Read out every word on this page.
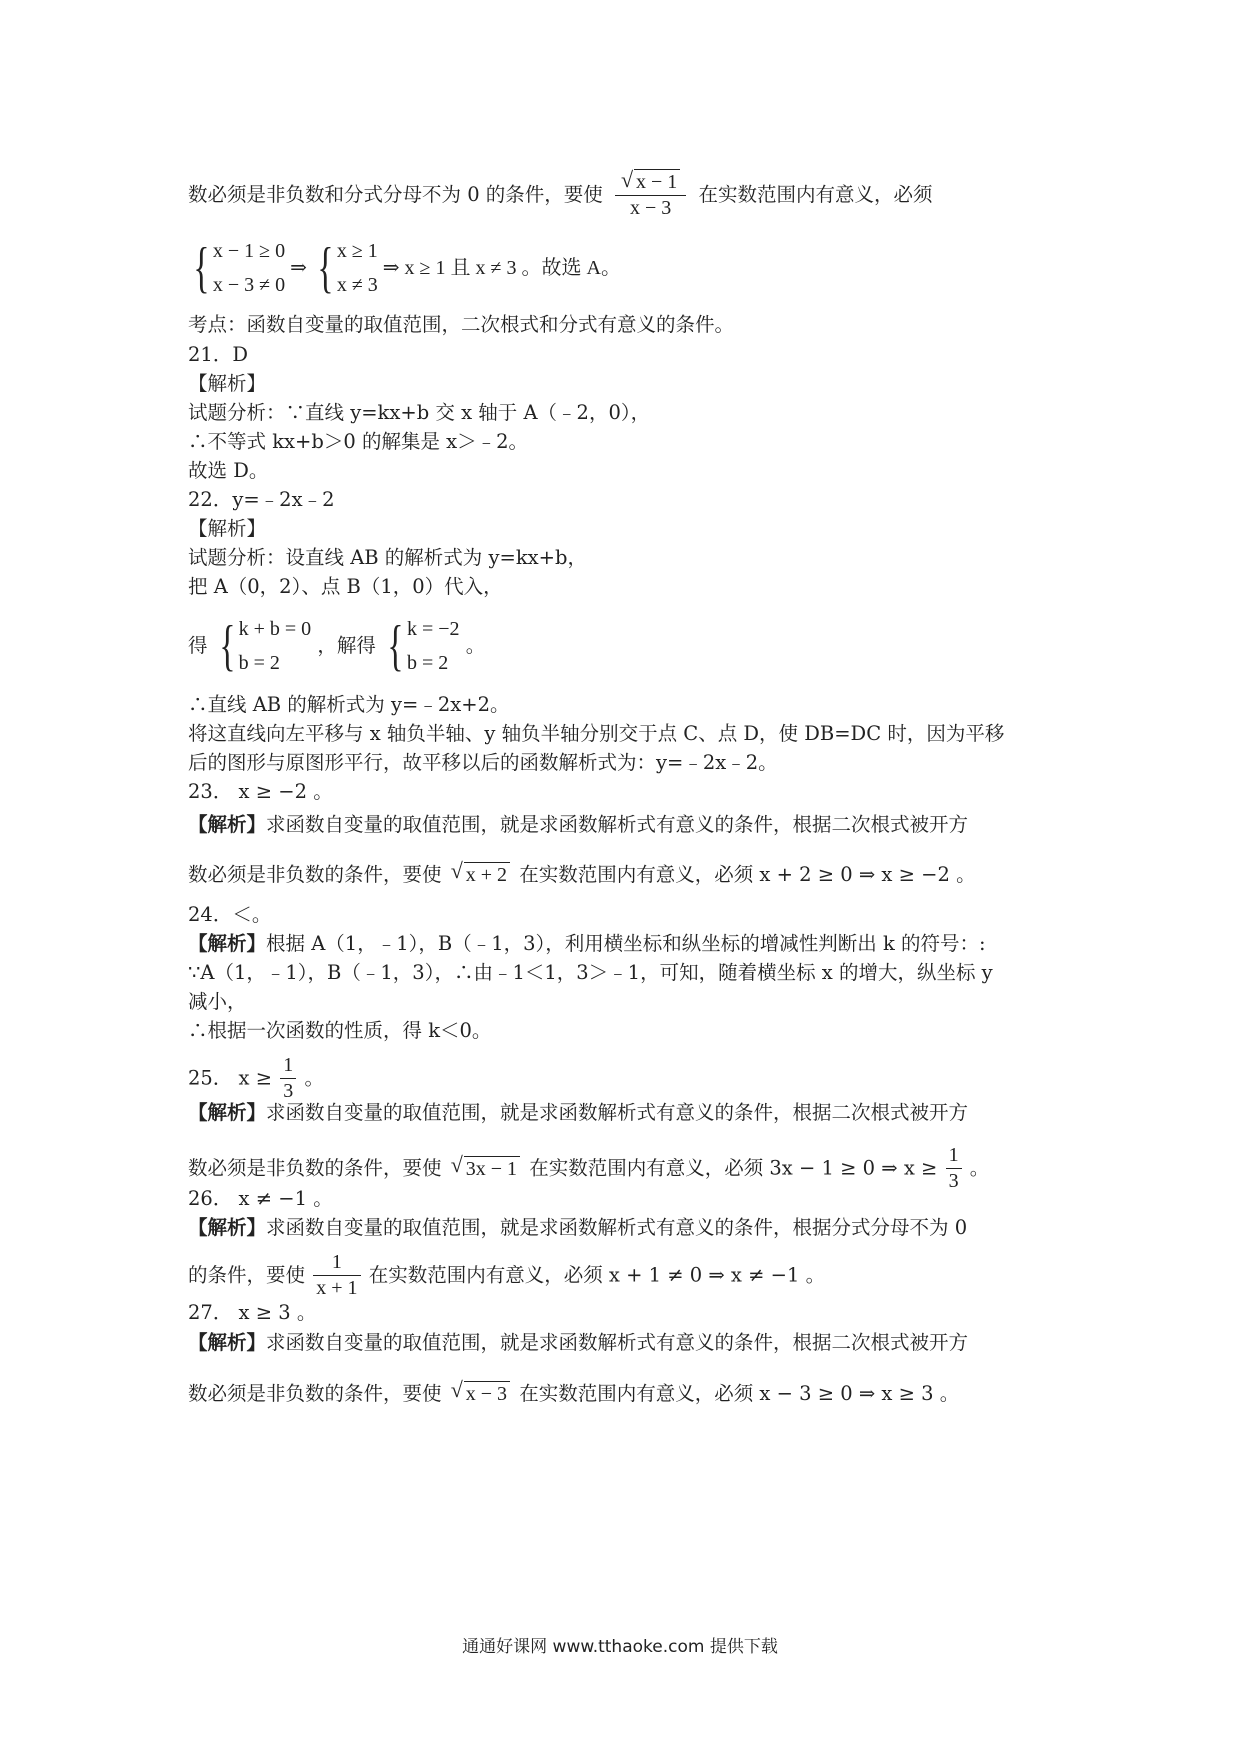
数必须是非负数和分式分母不为 0 的条件，要使 $\frac{√ x - 1}{x - 3}$ 在实数范围内有意义，必须
{ x − 1 ≥ 0
x − 3 ≠ 0
⇒ { x ≥ 1
x ≠ 3
⇒ x ≥ 1 且 x ≠ 3 。故选 A。
考点：函数自变量的取值范围，二次根式和分式有意义的条件。
21．D
【解析】
试题分析：∵直线 y=kx+b 交 x 轴于 A（﹣2，0），
∴不等式 kx+b＞0 的解集是 x＞﹣2。
故选 D。
22．y=﹣2x﹣2
【解析】
试题分析：设直线 AB 的解析式为 y=kx+b，
把 A（0，2）、点 B（1，0）代入，
得 { k + b = 0
b = 2
，解得 { k = −2
b = 2
。
∴直线 AB 的解析式为 y=﹣2x+2。
将这直线向左平移与 x 轴负半轴、y 轴负半轴分别交于点 C、点 D，使 DB=DC 时，因为平移
后的图形与原图形平行，故平移以后的函数解析式为：y=﹣2x﹣2。
23． x ≥ −2 。
【解析】求函数自变量的取值范围，就是求函数解析式有意义的条件，根据二次根式被开方
数必须是非负数的条件，要使 √ x + 2 在实数范围内有意义，必须 x + 2 ≥ 0 ⇒ x ≥ −2 。
24．＜。
【解析】根据 A（1，﹣1），B（﹣1，3），利用横坐标和纵坐标的增减性判断出 k 的符号：:
∵A（1，﹣1），B（﹣1，3），∴由﹣1＜1，3＞﹣1，可知，随着横坐标 x 的增大，纵坐标 y
减小，
∴根据一次函数的性质，得 k＜0。
25． $x \ge \frac{1}{3}$ 。
【解析】求函数自变量的取值范围，就是求函数解析式有意义的条件，根据二次根式被开方
数必须是非负数的条件，要使 √ 3x − 1 在实数范围内有意义，必须 3x − 1 ≥ 0 ⇒ $x \ge \frac{1}{3}$ 。
26． x ≠ −1 。
【解析】求函数自变量的取值范围，就是求函数解析式有意义的条件，根据分式分母不为 0
的条件，要使 $\frac{1}{x + 1}$ 在实数范围内有意义，必须 x + 1 ≠ 0 ⇒ x ≠ −1 。
27． x ≥ 3 。
【解析】求函数自变量的取值范围，就是求函数解析式有意义的条件，根据二次根式被开方
数必须是非负数的条件，要使 √ x − 3 在实数范围内有意义，必须 x − 3 ≥ 0 ⇒ x ≥ 3 。
通通好课网 www.tthaoke.com 提供下载
